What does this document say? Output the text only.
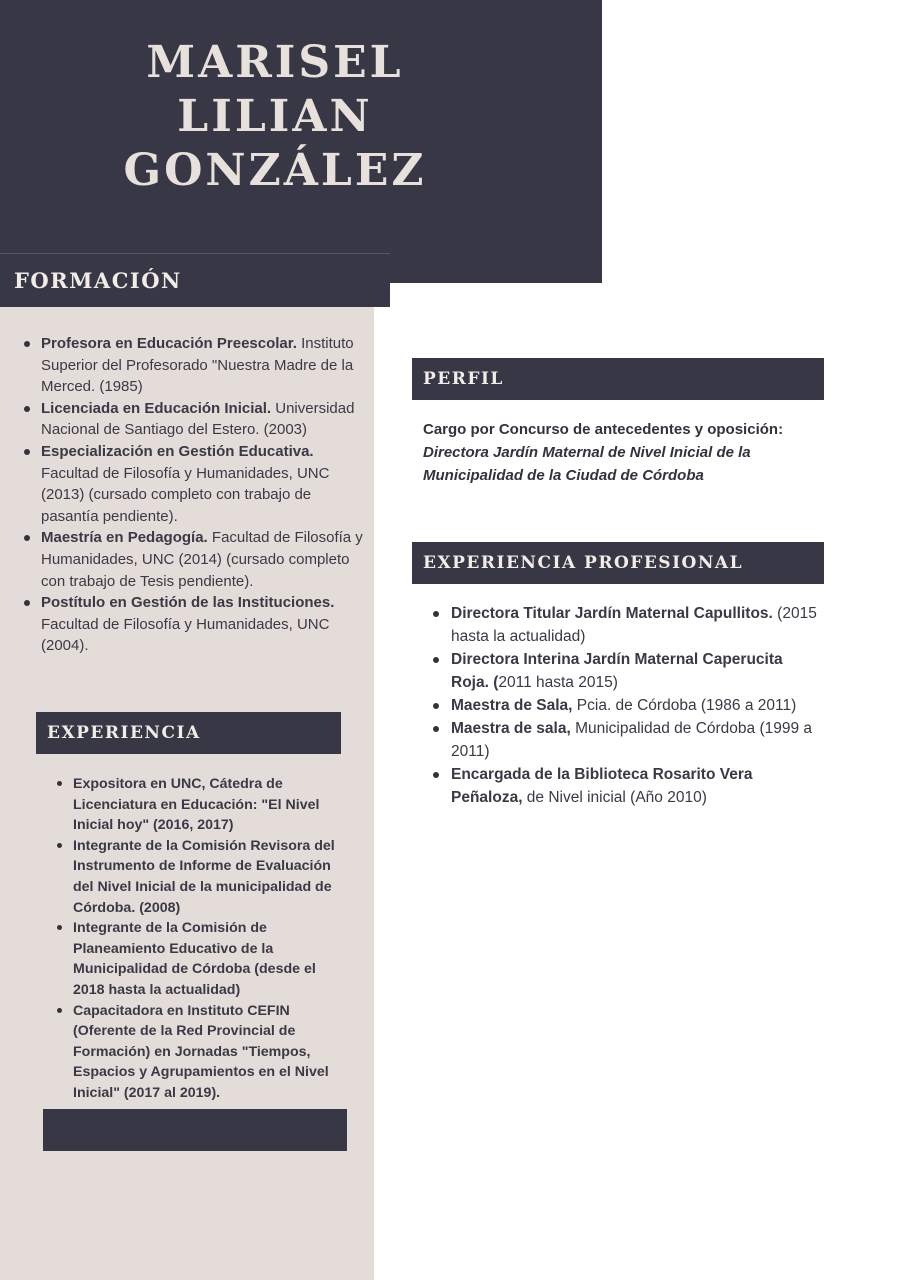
MARISEL
LILIAN
GONZÁLEZ
FORMACIÓN
Profesora en Educación Preescolar. Instituto Superior del Profesorado "Nuestra Madre de la Merced. (1985)
Licenciada en Educación Inicial. Universidad Nacional de Santiago del Estero. (2003)
Especialización en Gestión Educativa. Facultad de Filosofía y Humanidades, UNC (2013) (cursado completo con trabajo de pasantía pendiente).
Maestría en Pedagogía. Facultad de Filosofía y Humanidades, UNC (2014) (cursado completo con trabajo de Tesis pendiente).
Postítulo en Gestión de las Instituciones. Facultad de Filosofía y Humanidades, UNC (2004).
EXPERIENCIA
Expositora en UNC, Cátedra de Licenciatura en Educación: "El Nivel Inicial hoy" (2016, 2017)
Integrante de la Comisión Revisora del Instrumento de Informe de Evaluación del Nivel Inicial de la municipalidad de Córdoba. (2008)
Integrante de la Comisión de Planeamiento Educativo de la Municipalidad de Córdoba (desde el 2018 hasta la actualidad)
Capacitadora en Instituto CEFIN (Oferente de la Red Provincial de Formación) en Jornadas "Tiempos, Espacios y Agrupamientos en el Nivel Inicial" (2017 al 2019).
PERFIL
Cargo por Concurso de antecedentes y oposición:
Directora Jardín Maternal de Nivel Inicial de la Municipalidad de la Ciudad de Córdoba
EXPERIENCIA PROFESIONAL
Directora Titular Jardín Maternal Capullitos. (2015 hasta la actualidad)
Directora Interina Jardín Maternal Caperucita Roja. (2011 hasta 2015)
Maestra de Sala, Pcia. de Córdoba (1986 a 2011)
Maestra de sala, Municipalidad de Córdoba (1999 a 2011)
Encargada de la Biblioteca Rosarito Vera Peñaloza, de Nivel inicial (Año 2010)
